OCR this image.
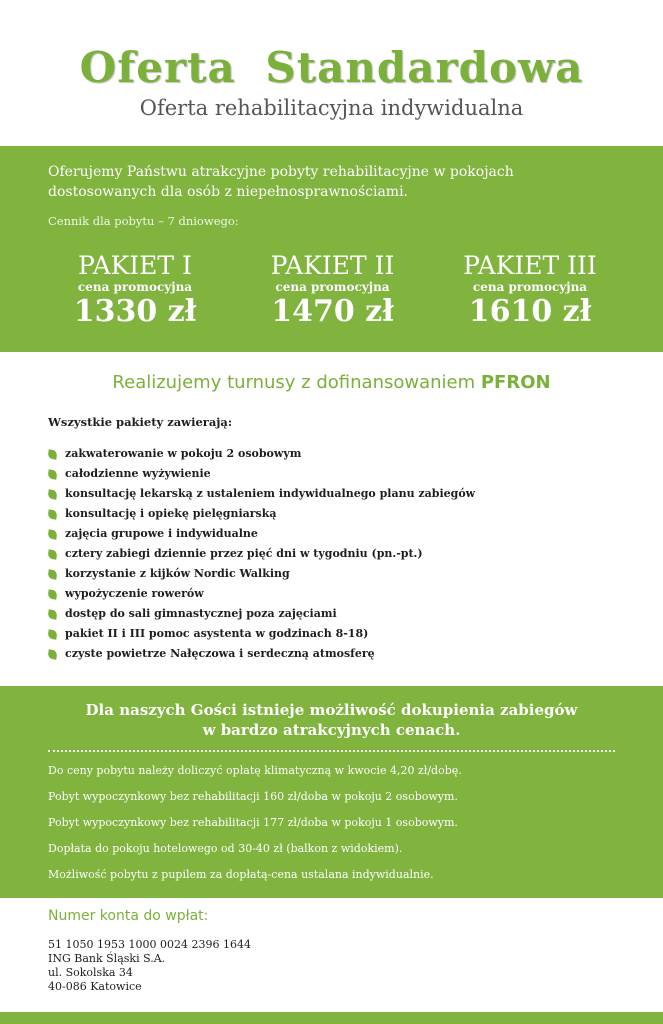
Oferta Standardowa
Oferta rehabilitacyjna indywidualna

Oferujemy Państwu atrakcyjne pobyty rehabilitacyjne w pokojach dostosowanych dla osób z niepełnosprawnościami.

Cennik dla pobytu – 7 dniowego:

PAKIET I
cena promocyjna
1330 zł
PAKIET II
cena promocyjna
1470 zł
PAKIET III
cena promocyjna
1610 zł
Realizujemy turnusy z dofinansowaniem PFRON
Wszystkie pakiety zawierają:
zakwaterowanie w pokoju 2 osobowym
całodzienne wyżywienie
konsultację lekarską z ustaleniem indywidualnego planu zabiegów
konsultację i opiekę pielęgniarską
zajęcia grupowe i indywidualne
cztery zabiegi dziennie przez pięć dni w tygodniu (pn.-pt.)
korzystanie z kijków Nordic Walking
wypożyczenie rowerów
dostęp do sali gimnastycznej poza zajęciami
pakiet II i III pomoc asystenta w godzinach 8-18)
czyste powietrze Nałęczowa i serdeczną atmosferę
Dla naszych Gości istnieje możliwość dokupienia zabiegów
w bardzo atrakcyjnych cenach.

Do ceny pobytu należy doliczyć opłatę klimatyczną w kwocie 4,20 zł/dobę.

Pobyt wypoczynkowy bez rehabilitacji 160 zł/doba w pokoju 2 osobowym.

Pobyt wypoczynkowy bez rehabilitacji 177 zł/doba w pokoju 1 osobowym.

Dopłata do pokoju hotelowego od 30-40 zł (balkon z widokiem).

Możliwość pobytu z pupilem za dopłatą-cena ustalana indywidualnie.

Numer konta do wpłat:
51 1050 1953 1000 0024 2396 1644
ING Bank Śląski S.A.
ul. Sokolska 34
40-086 Katowice
